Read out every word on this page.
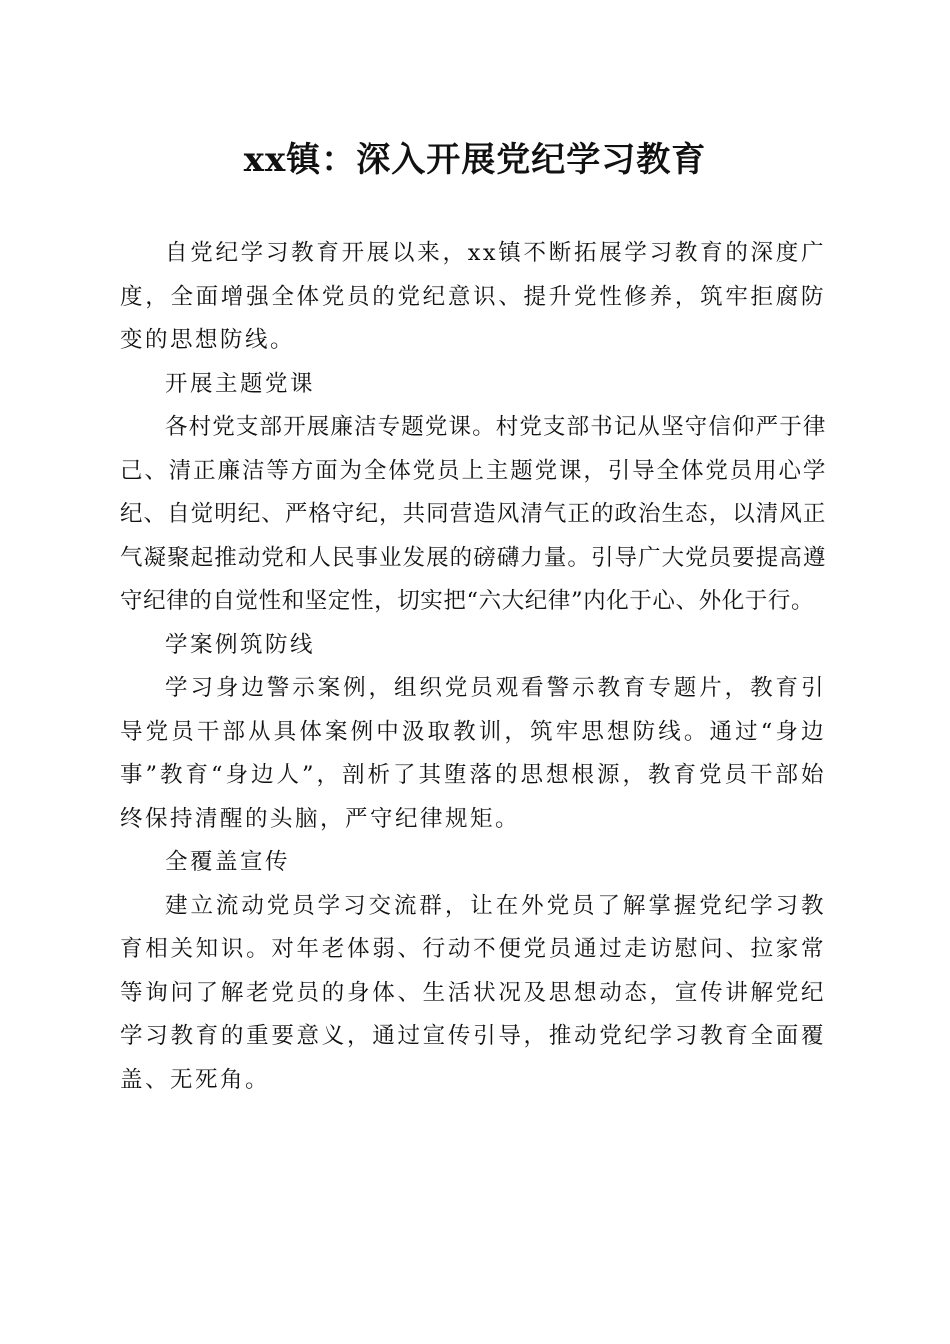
xx镇：深入开展党纪学习教育

自党纪学习教育开展以来，xx镇不断拓展学习教育的深度广度，全面增强全体党员的党纪意识、提升党性修养，筑牢拒腐防变的思想防线。

开展主题党课

各村党支部开展廉洁专题党课。村党支部书记从坚守信仰严于律己、清正廉洁等方面为全体党员上主题党课，引导全体党员用心学纪、自觉明纪、严格守纪，共同营造风清气正的政治生态，以清风正气凝聚起推动党和人民事业发展的磅礴力量。引导广大党员要提高遵守纪律的自觉性和坚定性，切实把“六大纪律”内化于心、外化于行。

学案例筑防线

学习身边警示案例，组织党员观看警示教育专题片，教育引导党员干部从具体案例中汲取教训，筑牢思想防线。通过“身边事”教育“身边人”，剖析了其堕落的思想根源，教育党员干部始终保持清醒的头脑，严守纪律规矩。

全覆盖宣传

建立流动党员学习交流群，让在外党员了解掌握党纪学习教育相关知识。对年老体弱、行动不便党员通过走访慰问、拉家常等询问了解老党员的身体、生活状况及思想动态，宣传讲解党纪学习教育的重要意义，通过宣传引导，推动党纪学习教育全面覆盖、无死角。
